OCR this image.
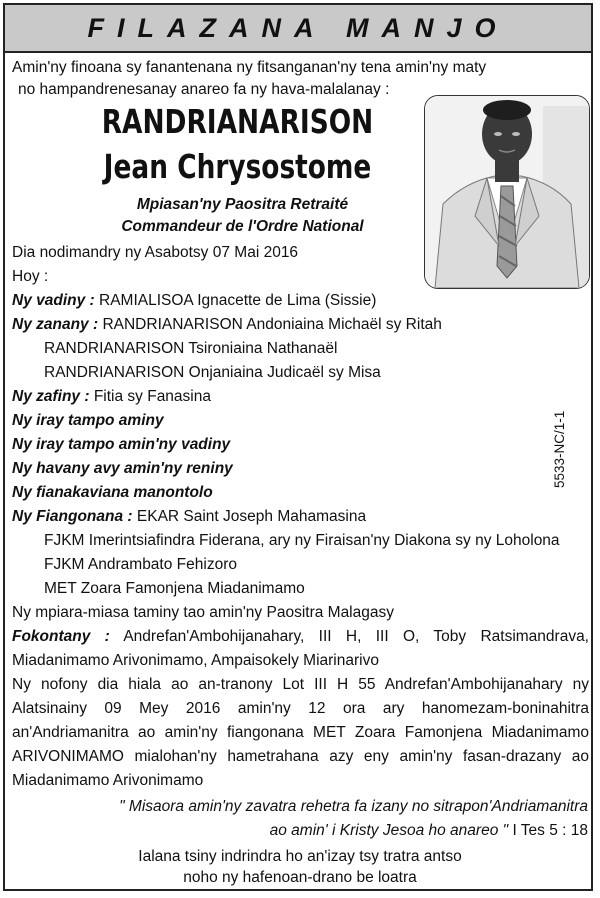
FILAZANA MANJO
Amin'ny finoana sy fanantenana ny fitsanganan'ny tena amin'ny maty
no hampandrenesanay anareo fa ny hava-malalanay :
RANDRIANARISON
Jean Chrysostome
Mpiasan'ny Paositra Retraité
Commandeur de l'Ordre National
Dia nodimandry ny Asabotsy 07 Mai 2016
Hoy :
Ny vadiny : RAMIALISOA Ignacette de Lima (Sissie)
Ny zanany : RANDRIANARISON Andoniaina Michaël sy Ritah
RANDRIANARISON Tsironiaina Nathanaël
RANDRIANARISON Onjaniaina Judicaël sy Misa
Ny zafiny : Fitia sy Fanasina
Ny iray tampo aminy
Ny iray tampo amin'ny vadiny
Ny havany avy amin'ny reniny
Ny fianakaviana manontolo
5533-NC/1-1
Ny Fiangonana : EKAR Saint Joseph Mahamasina
FJKM Imerintsiafindra Fiderana, ary ny Firaisan'ny Diakona sy ny Loholona
FJKM Andrambato Fehizoro
MET Zoara Famonjena Miadanimamo
Ny mpiara-miasa taminy tao amin'ny Paositra Malagasy
Fokontany : Andrefan'Ambohijanahary, III H, III O, Toby Ratsimandrava,
Miadanimamo Arivonimamo, Ampaisokely Miarinarivo
Ny nofony dia hiala ao an-tranony Lot III H 55 Andrefan'Ambohijanahary ny
Alatsinainy 09 Mey 2016 amin'ny 12 ora ary hanomezam-boninahitra
an'Andriamanitra ao amin'ny fiangonana MET Zoara Famonjena Miadanimamo
ARIVONIMAMO mialohan'ny hametrahana azy eny amin'ny fasan-drazany ao
Miadanimamo Arivonimamo
" Misaora amin'ny zavatra rehetra fa izany no sitrapon'Andriamanitra
ao amin' i Kristy Jesoa ho anareo " I Tes 5 : 18
Ialana tsiny indrindra ho an'izay tsy tratra antso
noho ny hafenoan-drano be loatra
